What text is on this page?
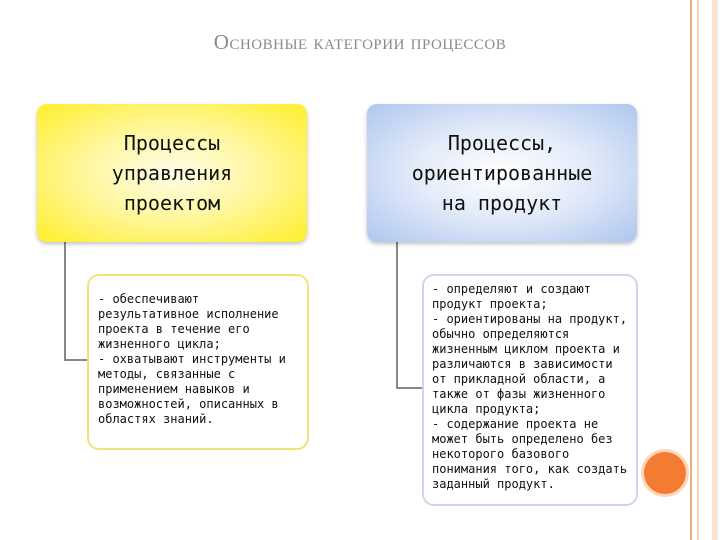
Основные категории процессов
Процессы
управления
проектом
Процессы,
ориентированные
на продукт

- обеспечивают результативное исполнение проекта в течение его жизненного цикла;

- охватывают инструменты и методы, связанные с применением навыков и возможностей, описанных в областях знаний.

- определяют и создают продукт проекта;

- ориентированы на продукт, обычно определяются жизненным циклом проекта и различаются в зависимости от прикладной области, а также от фазы жизненного цикла продукта;

- содержание проекта не может быть определено без некоторого базового понимания того, как создать заданный продукт.
